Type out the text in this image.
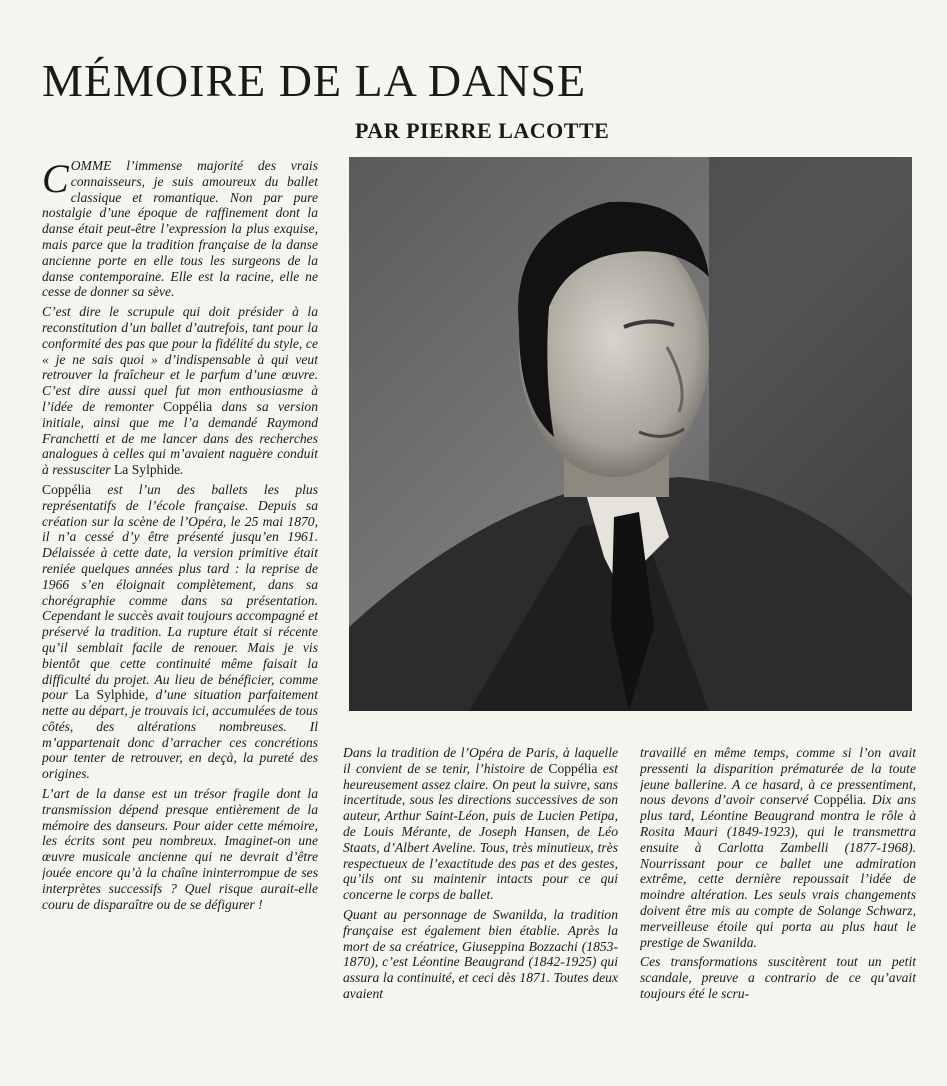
MÉMOIRE DE LA DANSE
PAR PIERRE LACOTTE

COMME l’immense majorité des vrais connaisseurs, je suis amoureux du ballet classique et romantique. Non par pure nostalgie d’une époque de raffinement dont la danse était peut-être l’expression la plus exquise, mais parce que la tradition française de la danse ancienne porte en elle tous les surgeons de la danse contemporaine. Elle est la racine, elle ne cesse de donner sa sève.

C’est dire le scrupule qui doit présider à la reconstitution d’un ballet d’autrefois, tant pour la conformité des pas que pour la fidélité du style, ce « je ne sais quoi » d’indispensable à qui veut retrouver la fraîcheur et le parfum d’une œuvre. C’est dire aussi quel fut mon enthousiasme à l’idée de remonter Coppélia dans sa version initiale, ainsi que me l’a demandé Raymond Franchetti et de me lancer dans des recherches analogues à celles qui m’avaient naguère conduit à ressusciter La Sylphide.

Coppélia est l’un des ballets les plus représentatifs de l’école française. Depuis sa création sur la scène de l’Opéra, le 25 mai 1870, il n’a cessé d’y être présenté jusqu’en 1961. Délaissée à cette date, la version primitive était reniée quelques années plus tard : la reprise de 1966 s’en éloignait complètement, dans sa chorégraphie comme dans sa présentation. Cependant le succès avait toujours accompagné et préservé la tradition. La rupture était si récente qu’il semblait facile de renouer. Mais je vis bientôt que cette continuité même faisait la difficulté du projet. Au lieu de bénéficier, comme pour La Sylphide, d’une situation parfaitement nette au départ, je trouvais ici, accumulées de tous côtés, des altérations nombreuses. Il m’appartenait donc d’arracher ces concrétions pour tenter de retrouver, en deçà, la pureté des origines.

L’art de la danse est un trésor fragile dont la transmission dépend presque entièrement de la mémoire des danseurs. Pour aider cette mémoire, les écrits sont peu nombreux. Imaginet-on une œuvre musicale ancienne qui ne devrait d’être jouée encore qu’à la chaîne ininterrompue de ses interprètes successifs ? Quel risque aurait-elle couru de disparaître ou de se défigurer !

Dans la tradition de l’Opéra de Paris, à laquelle il convient de se tenir, l’histoire de Coppélia est heureusement assez claire. On peut la suivre, sans incertitude, sous les directions successives de son auteur, Arthur Saint-Léon, puis de Lucien Petipa, de Louis Mérante, de Joseph Hansen, de Léo Staats, d’Albert Aveline. Tous, très minutieux, très respectueux de l’exactitude des pas et des gestes, qu’ils ont su maintenir intacts pour ce qui concerne le corps de ballet.

Quant au personnage de Swanilda, la tradition française est également bien établie. Après la mort de sa créatrice, Giuseppina Bozzachi (1853-1870), c’est Léontine Beaugrand (1842-1925) qui assura la continuité, et ceci dès 1871. Toutes deux avaient

travaillé en même temps, comme si l’on avait pressenti la disparition prématurée de la toute jeune ballerine. A ce hasard, à ce pressentiment, nous devons d’avoir conservé Coppélia. Dix ans plus tard, Léontine Beaugrand montra le rôle à Rosita Mauri (1849-1923), qui le transmettra ensuite à Carlotta Zambelli (1877-1968). Nourrissant pour ce ballet une admiration extrême, cette dernière repoussait l’idée de moindre altération. Les seuls vrais changements doivent être mis au compte de Solange Schwarz, merveilleuse étoile qui porta au plus haut le prestige de Swanilda.

Ces transformations suscitèrent tout un petit scandale, preuve a contrario de ce qu’avait toujours été le scru-
